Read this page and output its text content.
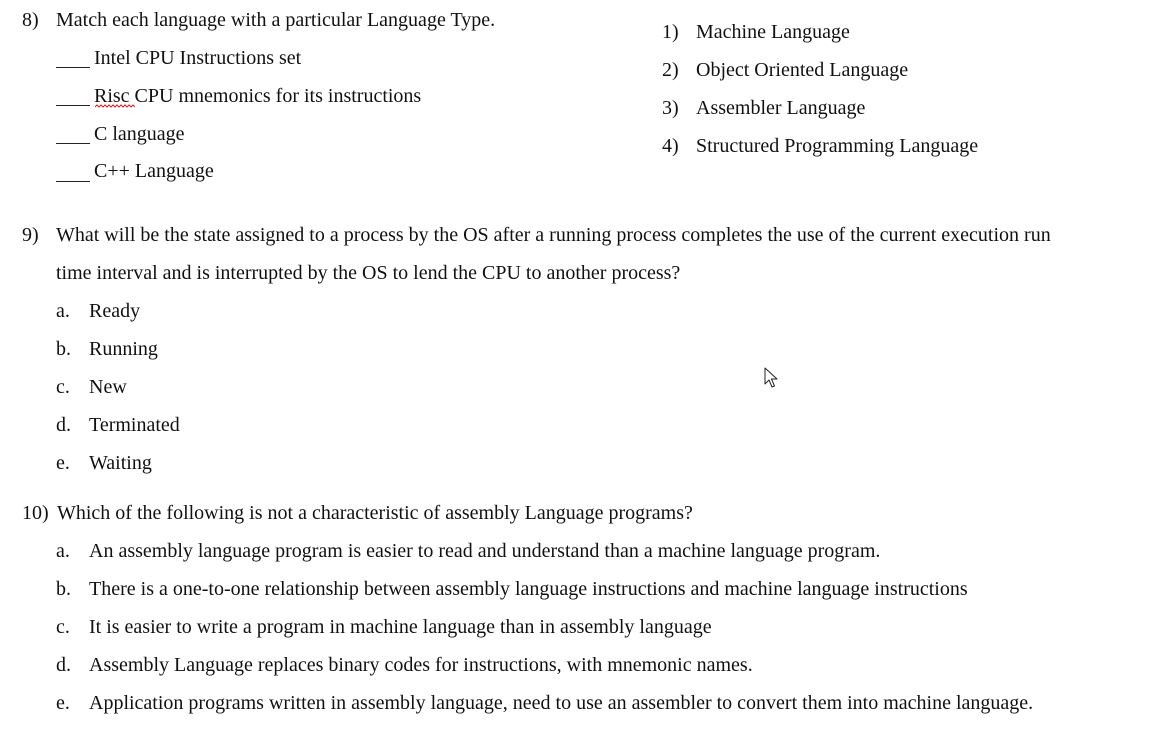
8) Match each language with a particular Language Type.
Intel CPU Instructions set
Risc CPU mnemonics for its instructions
C language
C++ Language
1) Machine Language
2) Object Oriented Language
3) Assembler Language
4) Structured Programming Language
9) What will be the state assigned to a process by the OS after a running process completes the use of the current execution run
time interval and is interrupted by the OS to lend the CPU to another process?
a. Ready
b. Running
c. New
d. Terminated
e. Waiting
10) Which of the following is not a characteristic of assembly Language programs?
a. An assembly language program is easier to read and understand than a machine language program.
b. There is a one-to-one relationship between assembly language instructions and machine language instructions
c. It is easier to write a program in machine language than in assembly language
d. Assembly Language replaces binary codes for instructions, with mnemonic names.
e. Application programs written in assembly language, need to use an assembler to convert them into machine language.
